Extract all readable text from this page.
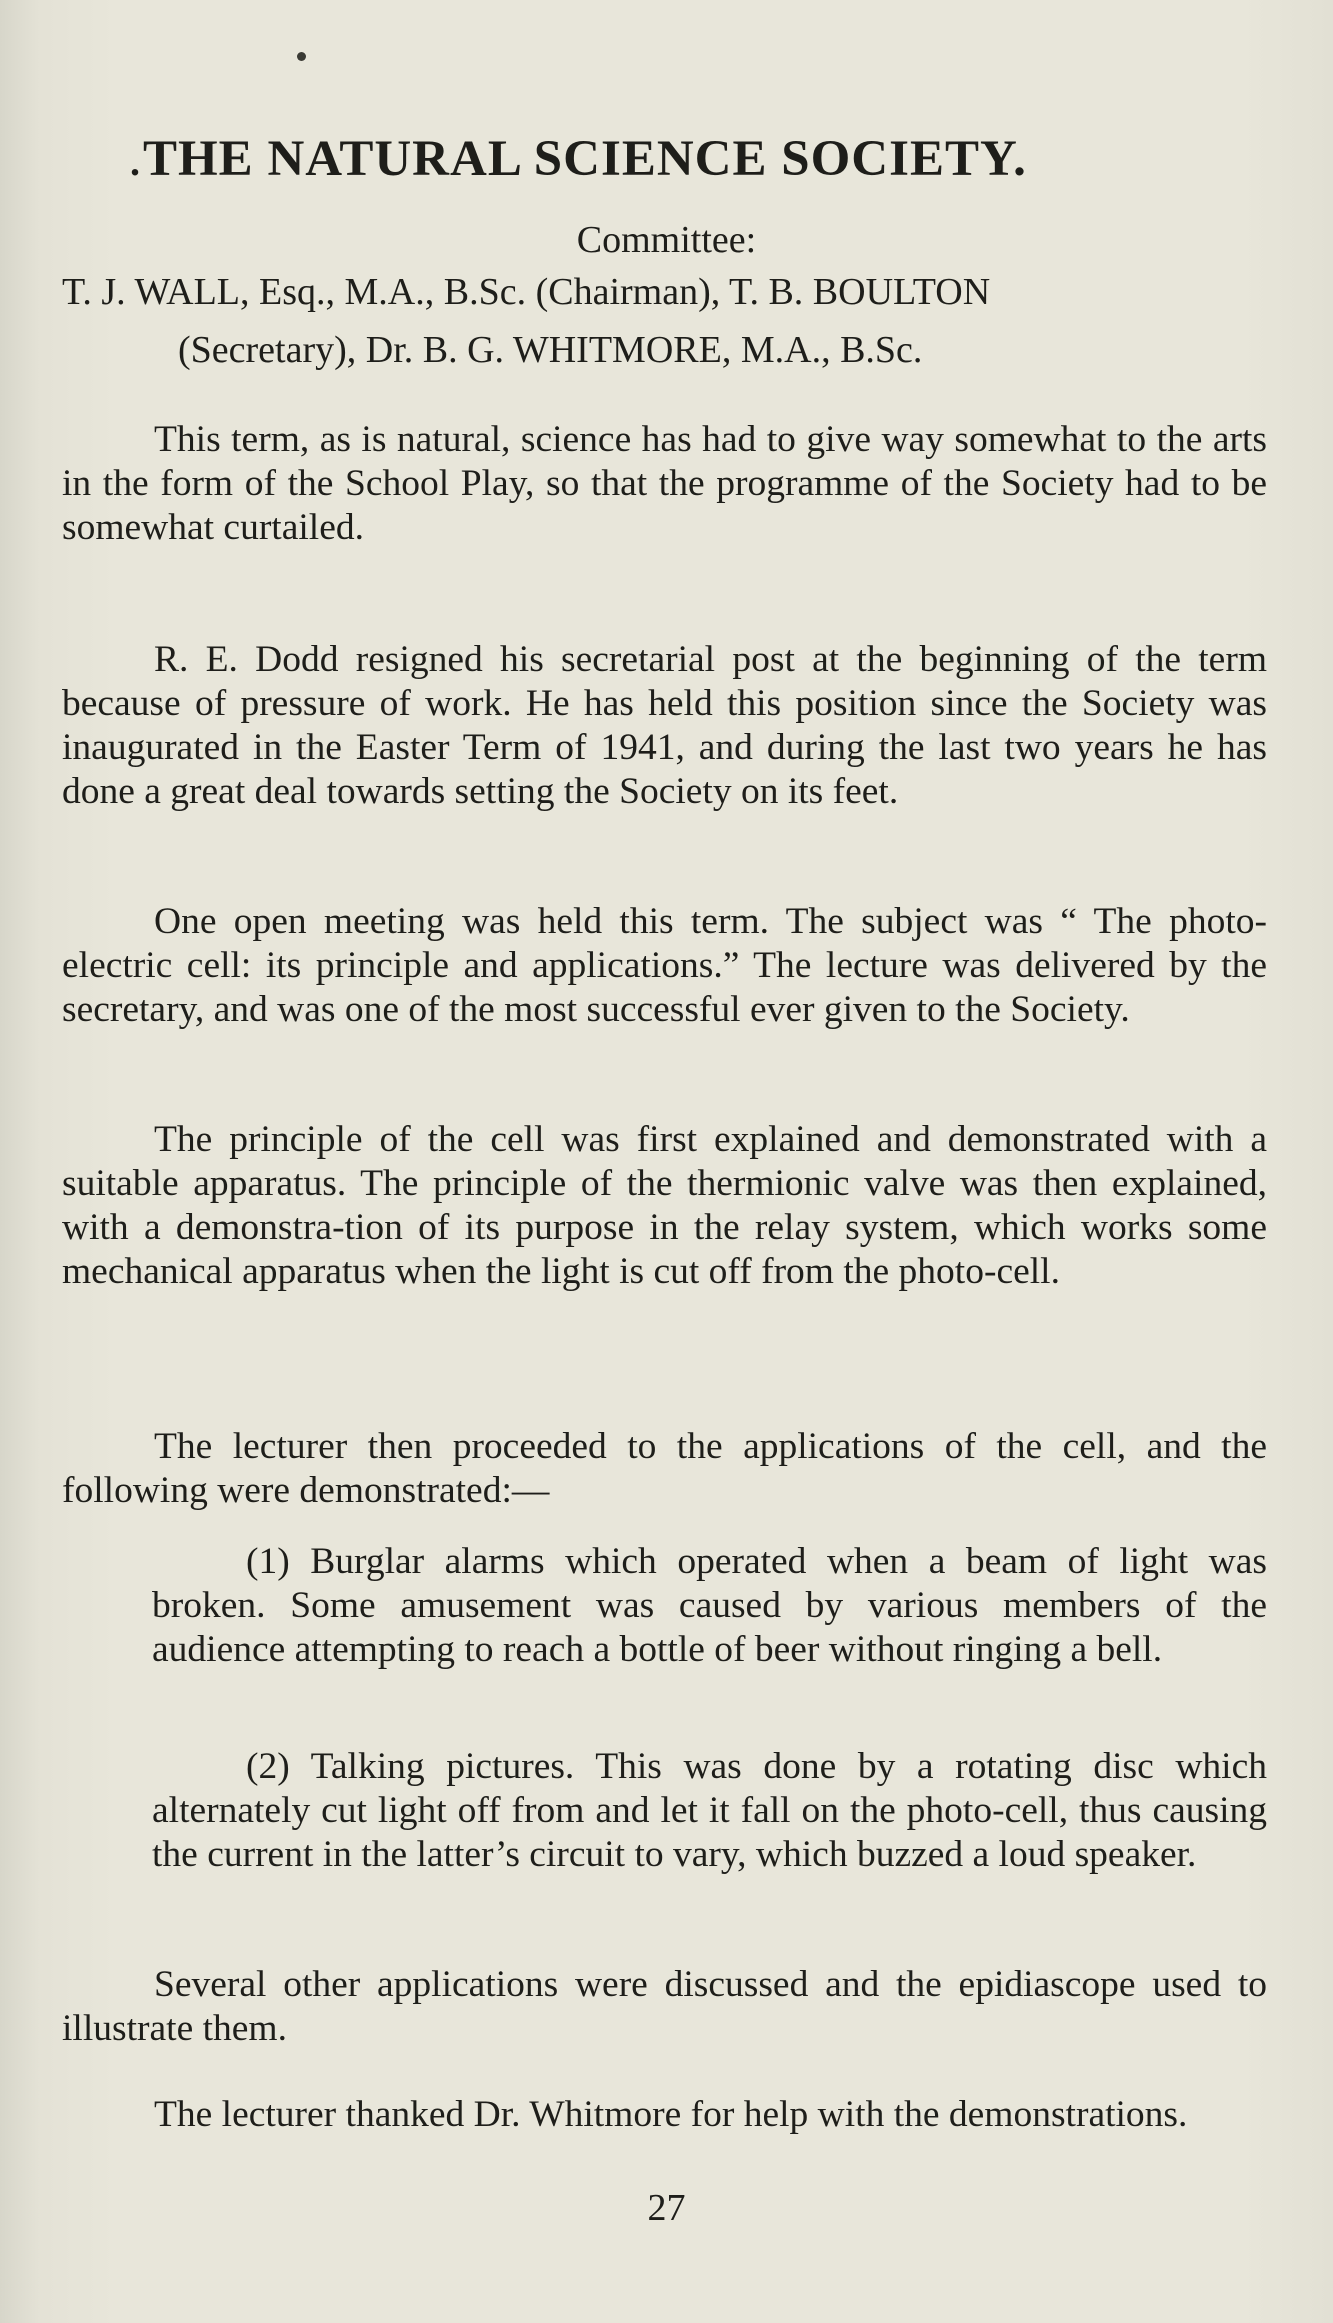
.THE NATURAL SCIENCE SOCIETY.
Committee:
T. J. WALL, Esq., M.A., B.Sc. (Chairman), T. B. BOULTON
(Secretary), Dr. B. G. WHITMORE, M.A., B.Sc.

This term, as is natural, science has had to give way somewhat to the arts in the form of the School Play, so that the programme of the Society had to be somewhat curtailed.

R. E. Dodd resigned his secretarial post at the beginning of the term because of pressure of work. He has held this position since the Society was inaugurated in the Easter Term of 1941, and during the last two years he has done a great deal towards setting the Society on its feet.

One open meeting was held this term. The subject was “ The photo-electric cell: its principle and applications.” The lecture was delivered by the secretary, and was one of the most successful ever given to the Society.

The principle of the cell was first explained and demonstrated with a suitable apparatus. The principle of the thermionic valve was then explained, with a demonstra-tion of its purpose in the relay system, which works some mechanical apparatus when the light is cut off from the photo-cell.

The lecturer then proceeded to the applications of the cell, and the following were demonstrated:—

(1) Burglar alarms which operated when a beam of light was broken. Some amusement was caused by various members of the audience attempting to reach a bottle of beer without ringing a bell.

(2) Talking pictures. This was done by a rotating disc which alternately cut light off from and let it fall on the photo-cell, thus causing the current in the latter’s circuit to vary, which buzzed a loud speaker.

Several other applications were discussed and the epidiascope used to illustrate them.

The lecturer thanked Dr. Whitmore for help with the demonstrations.

27
